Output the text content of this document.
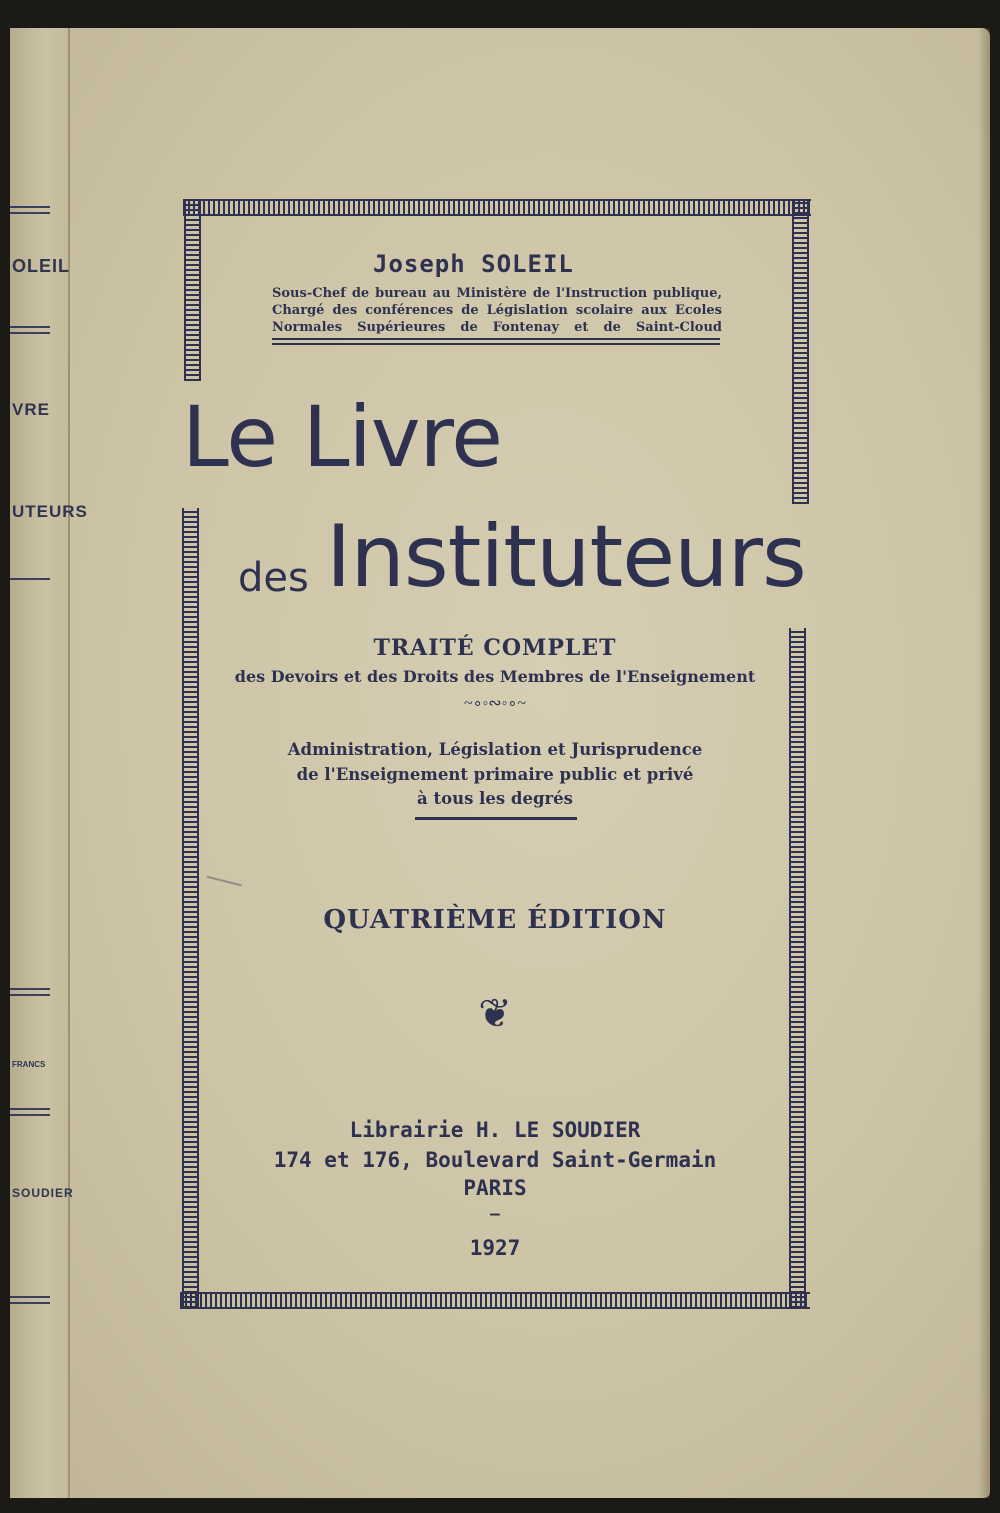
OLEIL
VRE
UTEURS
FRANCS
SOUDIER
Joseph SOLEIL
Sous-Chef de bureau au Ministère de l'Instruction publique,
Chargé des conférences de Législation scolaire aux Ecoles
Normales Supérieures de Fontenay et de Saint-Cloud
Le Livre
des Instituteurs
TRAITÉ COMPLET
des Devoirs et des Droits des Membres de l'Enseignement
~∘◦∾◦∘~
Administration, Législation et Jurisprudence
de l'Enseignement primaire public et privé
à tous les degrés
QUATRIÈME ÉDITION
❦
Librairie H. LE SOUDIER
174 et 176, Boulevard Saint-Germain
PARIS
—
1927
